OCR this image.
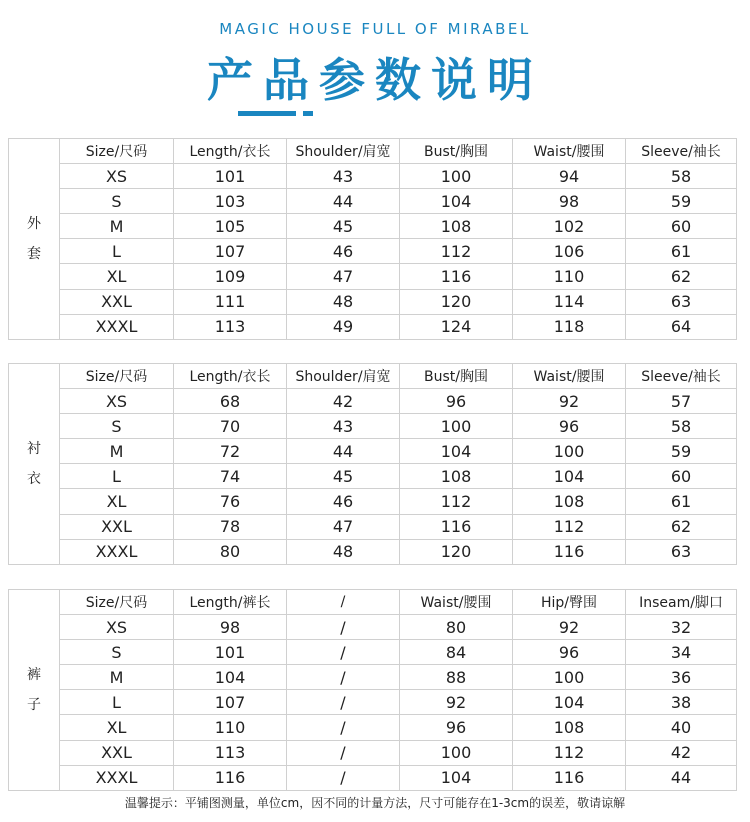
MAGIC HOUSE FULL OF MIRABEL
产品参数说明
外套	Size/尺码	Length/衣长	Shoulder/肩宽	Bust/胸围	Waist/腰围	Sleeve/袖长
	XS	101	43	100	94	58
	S	103	44	104	98	59
	M	105	45	108	102	60
	L	107	46	112	106	61
	XL	109	47	116	110	62
	XXL	111	48	120	114	63
	XXXL	113	49	124	118	64
衬衣	Size/尺码	Length/衣长	Shoulder/肩宽	Bust/胸围	Waist/腰围	Sleeve/袖长
	XS	68	42	96	92	57
	S	70	43	100	96	58
	M	72	44	104	100	59
	L	74	45	108	104	60
	XL	76	46	112	108	61
	XXL	78	47	116	112	62
	XXXL	80	48	120	116	63
裤子	Size/尺码	Length/裤长	/	Waist/腰围	Hip/臀围	Inseam/脚口
	XS	98	/	80	92	32
	S	101	/	84	96	34
	M	104	/	88	100	36
	L	107	/	92	104	38
	XL	110	/	96	108	40
	XXL	113	/	100	112	42
	XXXL	116	/	104	116	44
温馨提示：平铺图测量，单位cm，因不同的计量方法，尺寸可能存在1-3cm的误差，敬请谅解
